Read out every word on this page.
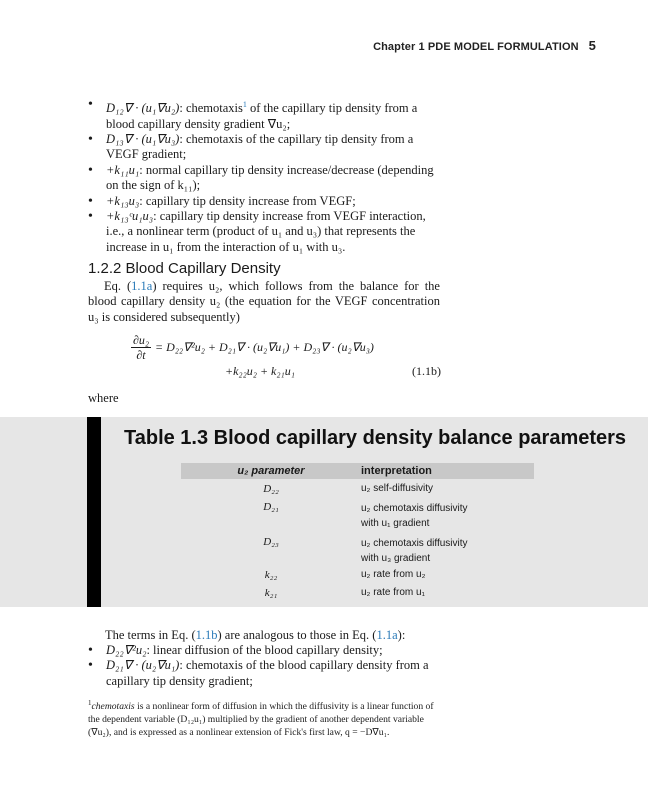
Chapter 1 PDE MODEL FORMULATION 5
• D₁₂∇ · (u₁∇u₂): chemotaxis$^1$ of the capillary tip density from a blood capillary density gradient ∇u₂;
• D₁₃∇ · (u₁∇u₃): chemotaxis of the capillary tip density from a VEGF gradient;
• +k₁₁u₁: normal capillary tip density increase/decrease (depending on the sign of k₁₁);
• +k₁₃u₃: capillary tip density increase from VEGF;
• +k₁₃ᶜu₁u₃: capillary tip density increase from VEGF interaction, i.e., a nonlinear term (product of u₁ and u₃) that represents the increase in u₁ from the interaction of u₁ with u₃.
1.2.2 Blood Capillary Density
Eq. (1.1a) requires u₂, which follows from the balance for the blood capillary density u₂ (the equation for the VEGF concentration u₃ is considered subsequently)
$\frac{\text{∂u₂}}{\partial t} = D_{22}\nabla^2u_2 + D_{21}\nabla \cdot (u_2\nabla u_1) + D_{23}\nabla \cdot (u_2\nabla u_3)$
+k₂₂u₂ + k₂₁u₁	(1.1b)
where
Table 1.3 Blood capillary density balance parameters
u₂ parameter	interpretation
D₂₂	u₂ self-diffusivity

D₂₁	u₂ chemotaxis diffusivity
with u₁ gradient

D₂₃	u₂ chemotaxis diffusivity
with u₃ gradient

k₂₂	u₂ rate from u₂

k₂₁	u₂ rate from u₁
The terms in Eq. (1.1b) are analogous to those in Eq. (1.1a):
• D₂₂∇²u₂: linear diffusion of the blood capillary density;
• D₂₁∇ · (u₂∇u₁): chemotaxis of the blood capillary density from a capillary tip density gradient;
$^1$chemotaxis is a nonlinear form of diffusion in which the diffusivity is a linear function of the dependent variable (D₁₂u₁) multiplied by the gradient of another dependent variable (∇u₂), and is expressed as a nonlinear extension of Fick's first law, q = −D∇u₁.
